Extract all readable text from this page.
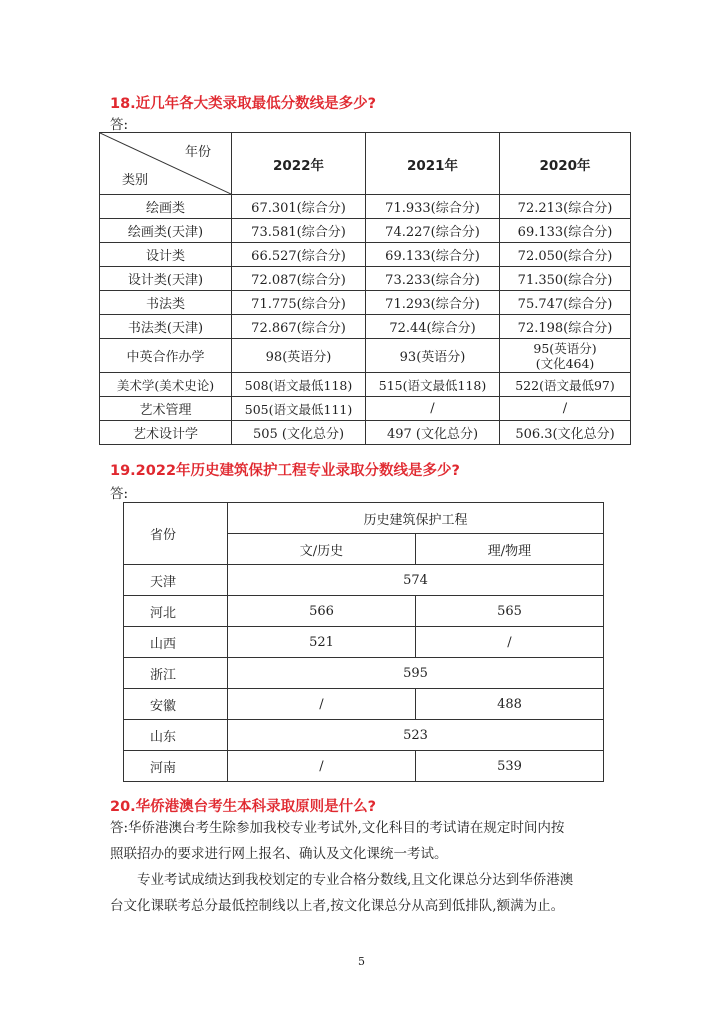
18.近几年各大类录取最低分数线是多少?
答:
年份
类别	2022年	2021年	2020年
绘画类	67.301(综合分)	71.933(综合分)	72.213(综合分)
绘画类(天津)	73.581(综合分)	74.227(综合分)	69.133(综合分)
设计类	66.527(综合分)	69.133(综合分)	72.050(综合分)
设计类(天津)	72.087(综合分)	73.233(综合分)	71.350(综合分)
书法类	71.775(综合分)	71.293(综合分)	75.747(综合分)
书法类(天津)	72.867(综合分)	72.44(综合分)	72.198(综合分)
中英合作办学	98(英语分)	93(英语分)	95(英语分)
(文化464)

美术学(美术史论)	508(语文最低118)	515(语文最低118)	522(语文最低97)
艺术管理	505(语文最低111)	/	/
艺术设计学	505 (文化总分)	497 (文化总分)	506.3(文化总分)
19.2022年历史建筑保护工程专业录取分数线是多少?
答:
省份	历史建筑保护工程	
	文/历史	理/物理
天津	574	
河北	566	565
山西	521	/
浙江	595	
安徽	/	488
山东	523	
河南	/	539
20.华侨港澳台考生本科录取原则是什么?
答:华侨港澳台考生除参加我校专业考试外,文化科目的考试请在规定时间内按
照联招办的要求进行网上报名、确认及文化课统一考试。
专业考试成绩达到我校划定的专业合格分数线,且文化课总分达到华侨港澳
台文化课联考总分最低控制线以上者,按文化课总分从高到低排队,额满为止。
5
